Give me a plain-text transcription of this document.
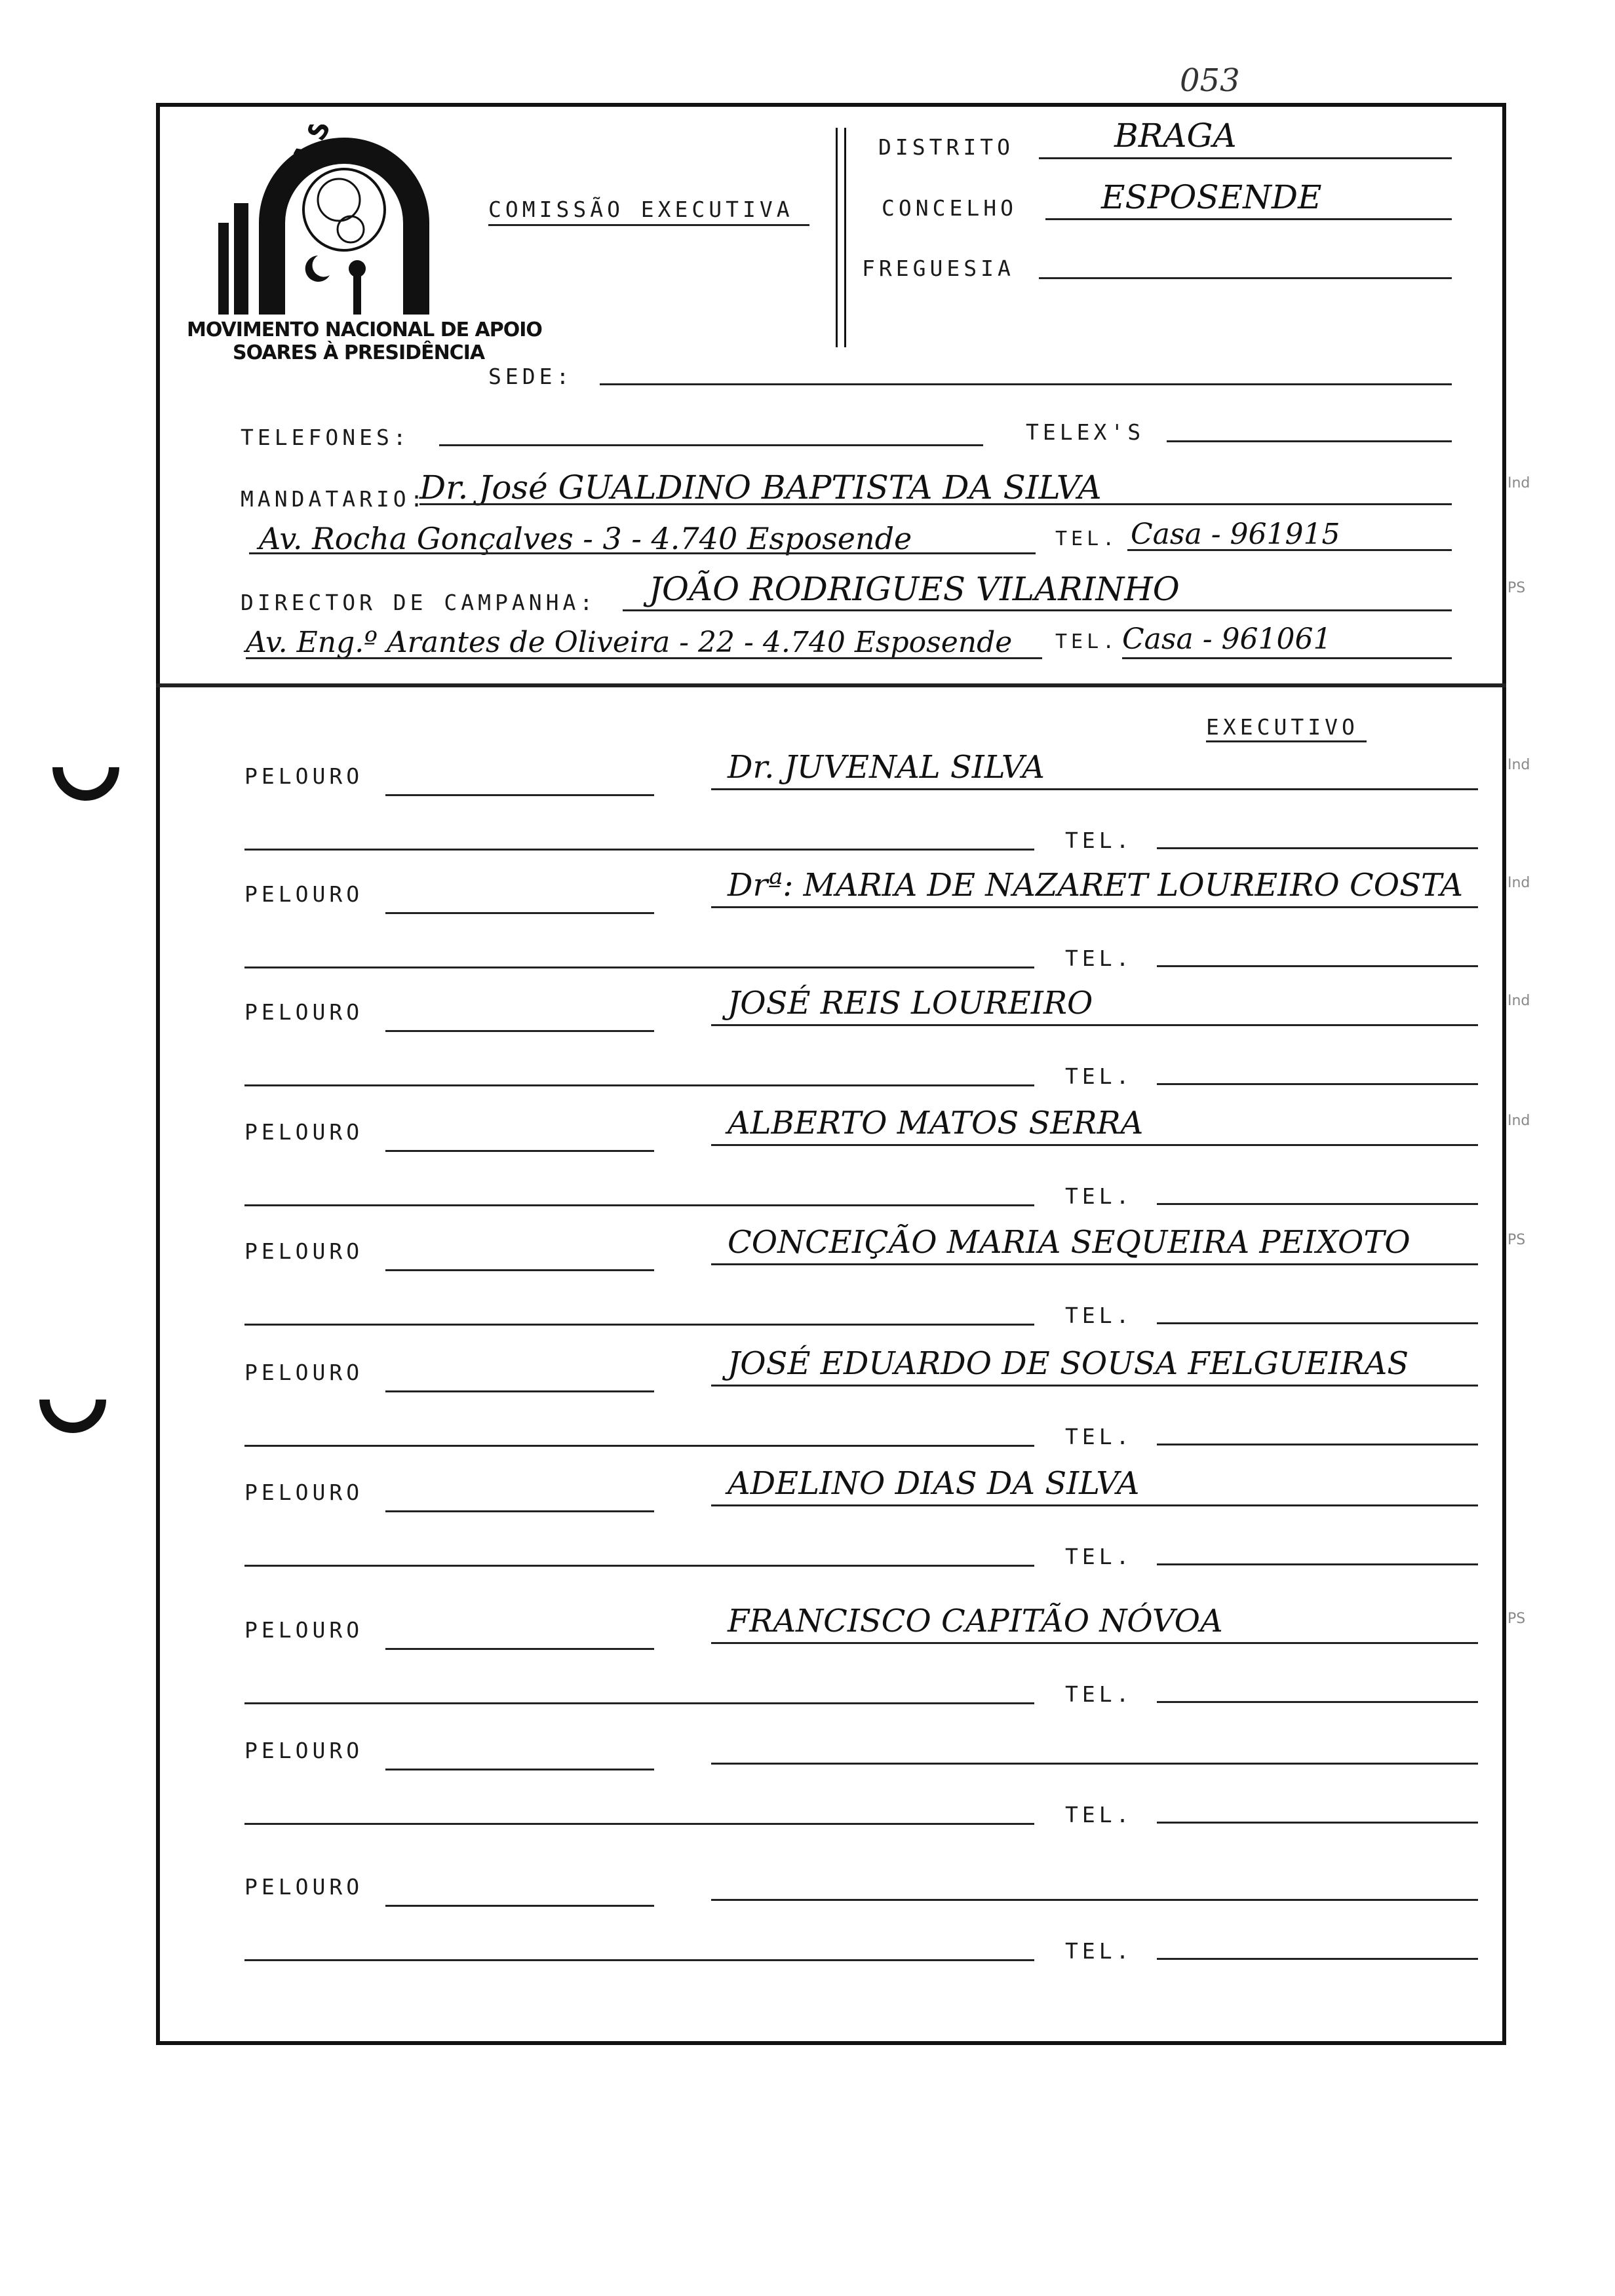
053
M.A.S.P.
MOVIMENTO NACIONAL DE APOIO
SOARES À PRESIDÊNCIA
COMISSÃO EXECUTIVA
DISTRITO	BRAGA
CONCELHO	ESPOSENDE
FREGUESIA
SEDE:
TELEFONES:	TELEX'S
MANDATARIO:
Dr. José GUALDINO BAPTISTA DA SILVA
Av. Rocha Gonçalves - 3 - 4.740 Esposende	TEL. Casa - 961915
Ind
DIRECTOR DE CAMPANHA: JOÃO RODRIGUES VILARINHO
Av. Eng.º Arantes de Oliveira - 22 - 4.740 Esposende TEL. Casa - 961061
PS
EXECUTIVO
PELOURO	Dr. JUVENAL SILVA
TEL.
Ind
PELOURO	Drª: MARIA DE NAZARET LOUREIRO COSTA
TEL.
Ind
PELOURO	JOSÉ REIS LOUREIRO
TEL.
Ind
PELOURO	ALBERTO MATOS SERRA
TEL.
Ind
PELOURO	CONCEIÇÃO MARIA SEQUEIRA PEIXOTO
TEL.
PS
PELOURO	JOSÉ EDUARDO DE SOUSA FELGUEIRAS
TEL.
PELOURO	ADELINO DIAS DA SILVA
TEL.
PELOURO	FRANCISCO CAPITÃO NÓVOA
TEL.
PS
PELOURO
TEL.
PELOURO
TEL.
